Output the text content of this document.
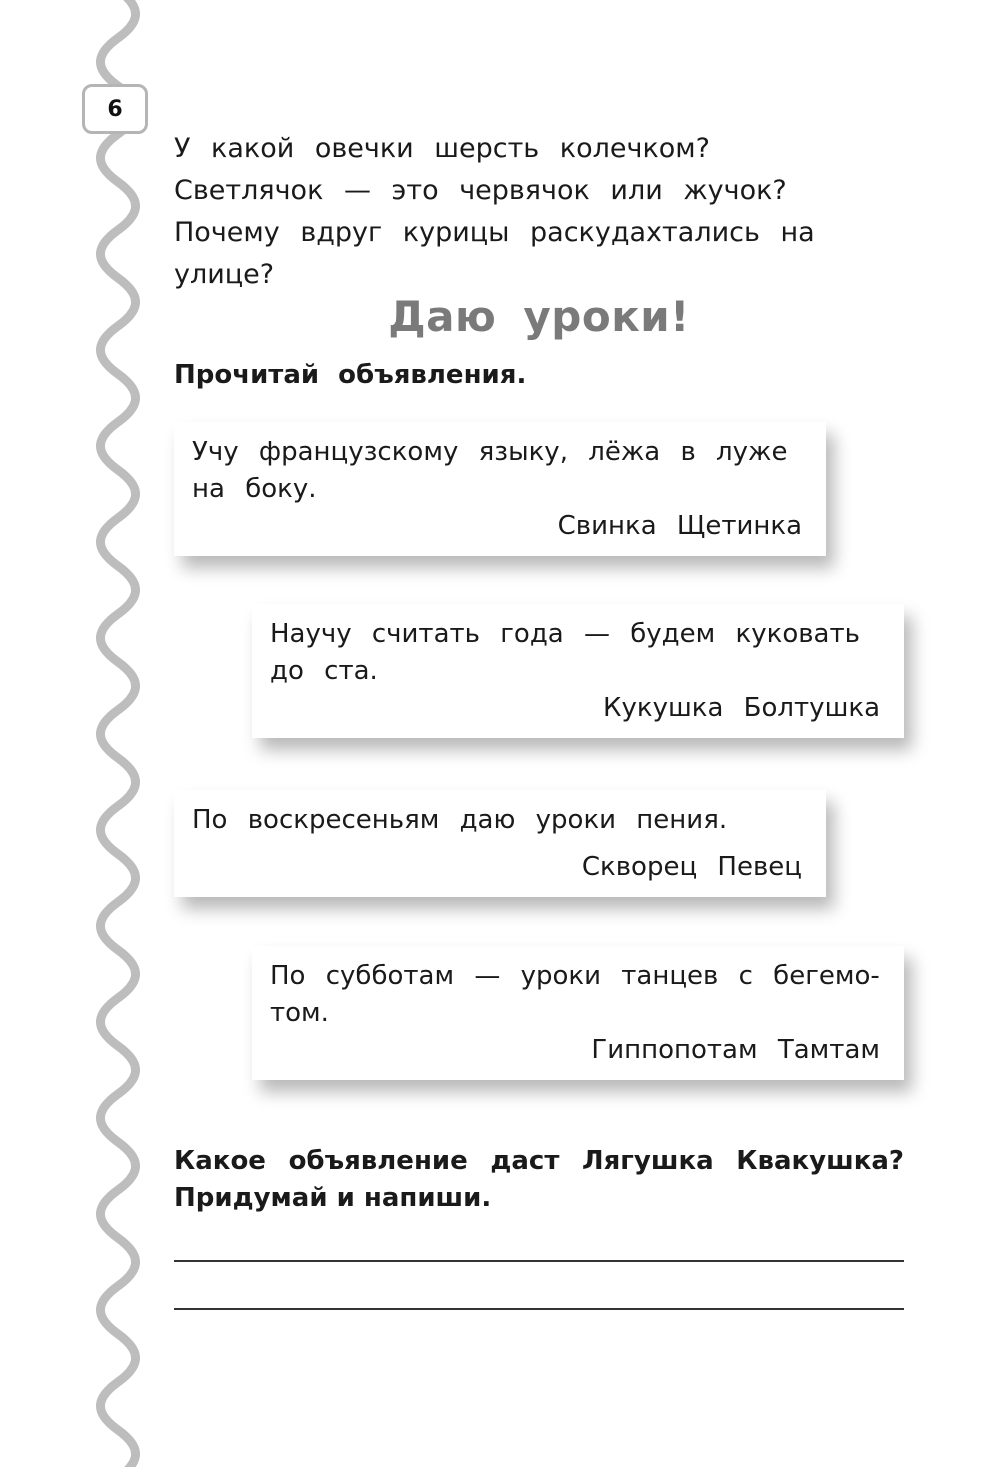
6

У какой овечки шерсть колечком?

Светлячок — это червячок или жучок?

Почему вдруг курицы раскудахтались на улице?

Даю уроки!
Прочитай объявления.

Учу французскому языку, лёжа в луже на боку.

Свинка Щетинка

Научу считать года — будем куковать до ста.

Кукушка Болтушка

По воскресеньям даю уроки пения.

Скворец Певец

По субботам — уроки танцев с бегемо-том.

Гиппопотам Тамтам

Какое объявление даст Лягушка Квакушка?
Придумай и напиши.
